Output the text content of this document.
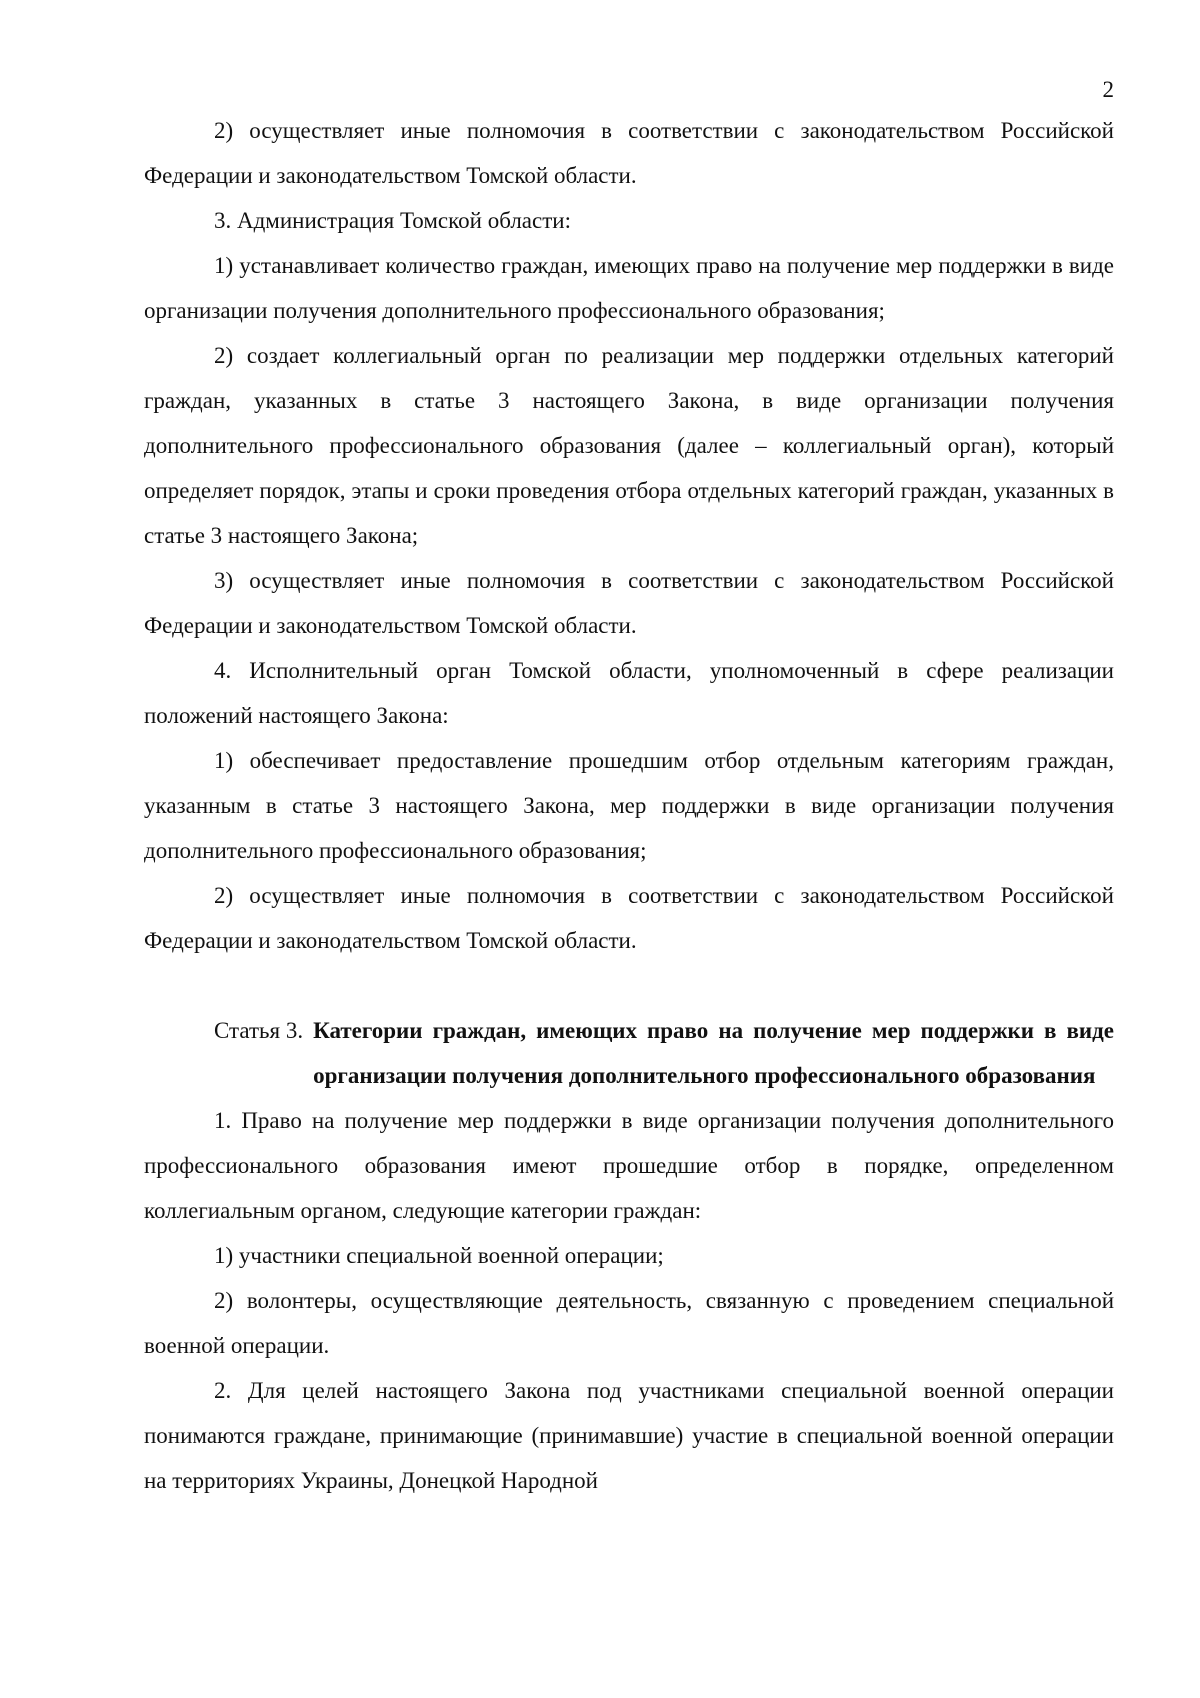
2

2) осуществляет иные полномочия в соответствии с законодательством Российской Федерации и законодательством Томской области.

3. Администрация Томской области:

1) устанавливает количество граждан, имеющих право на получение мер поддержки в виде организации получения дополнительного профессионального образования;

2) создает коллегиальный орган по реализации мер поддержки отдельных категорий граждан, указанных в статье 3 настоящего Закона, в виде организации получения дополнительного профессионального образования (далее – коллегиальный орган), который определяет порядок, этапы и сроки проведения отбора отдельных категорий граждан, указанных в статье 3 настоящего Закона;

3) осуществляет иные полномочия в соответствии с законодательством Российской Федерации и законодательством Томской области.

4. Исполнительный орган Томской области, уполномоченный в сфере реализации положений настоящего Закона:

1) обеспечивает предоставление прошедшим отбор отдельным категориям граждан, указанным в статье 3 настоящего Закона, мер поддержки в виде организации получения дополнительного профессионального образования;

2) осуществляет иные полномочия в соответствии с законодательством Российской Федерации и законодательством Томской области.

Статья 3. Категории граждан, имеющих право на получение мер поддержки в виде организации получения дополнительного профессионального образования

1. Право на получение мер поддержки в виде организации получения дополнительного профессионального образования имеют прошедшие отбор в порядке, определенном коллегиальным органом, следующие категории граждан:

1) участники специальной военной операции;

2) волонтеры, осуществляющие деятельность, связанную с проведением специальной военной операции.

2. Для целей настоящего Закона под участниками специальной военной операции понимаются граждане, принимающие (принимавшие) участие в специальной военной операции на территориях Украины, Донецкой Народной
